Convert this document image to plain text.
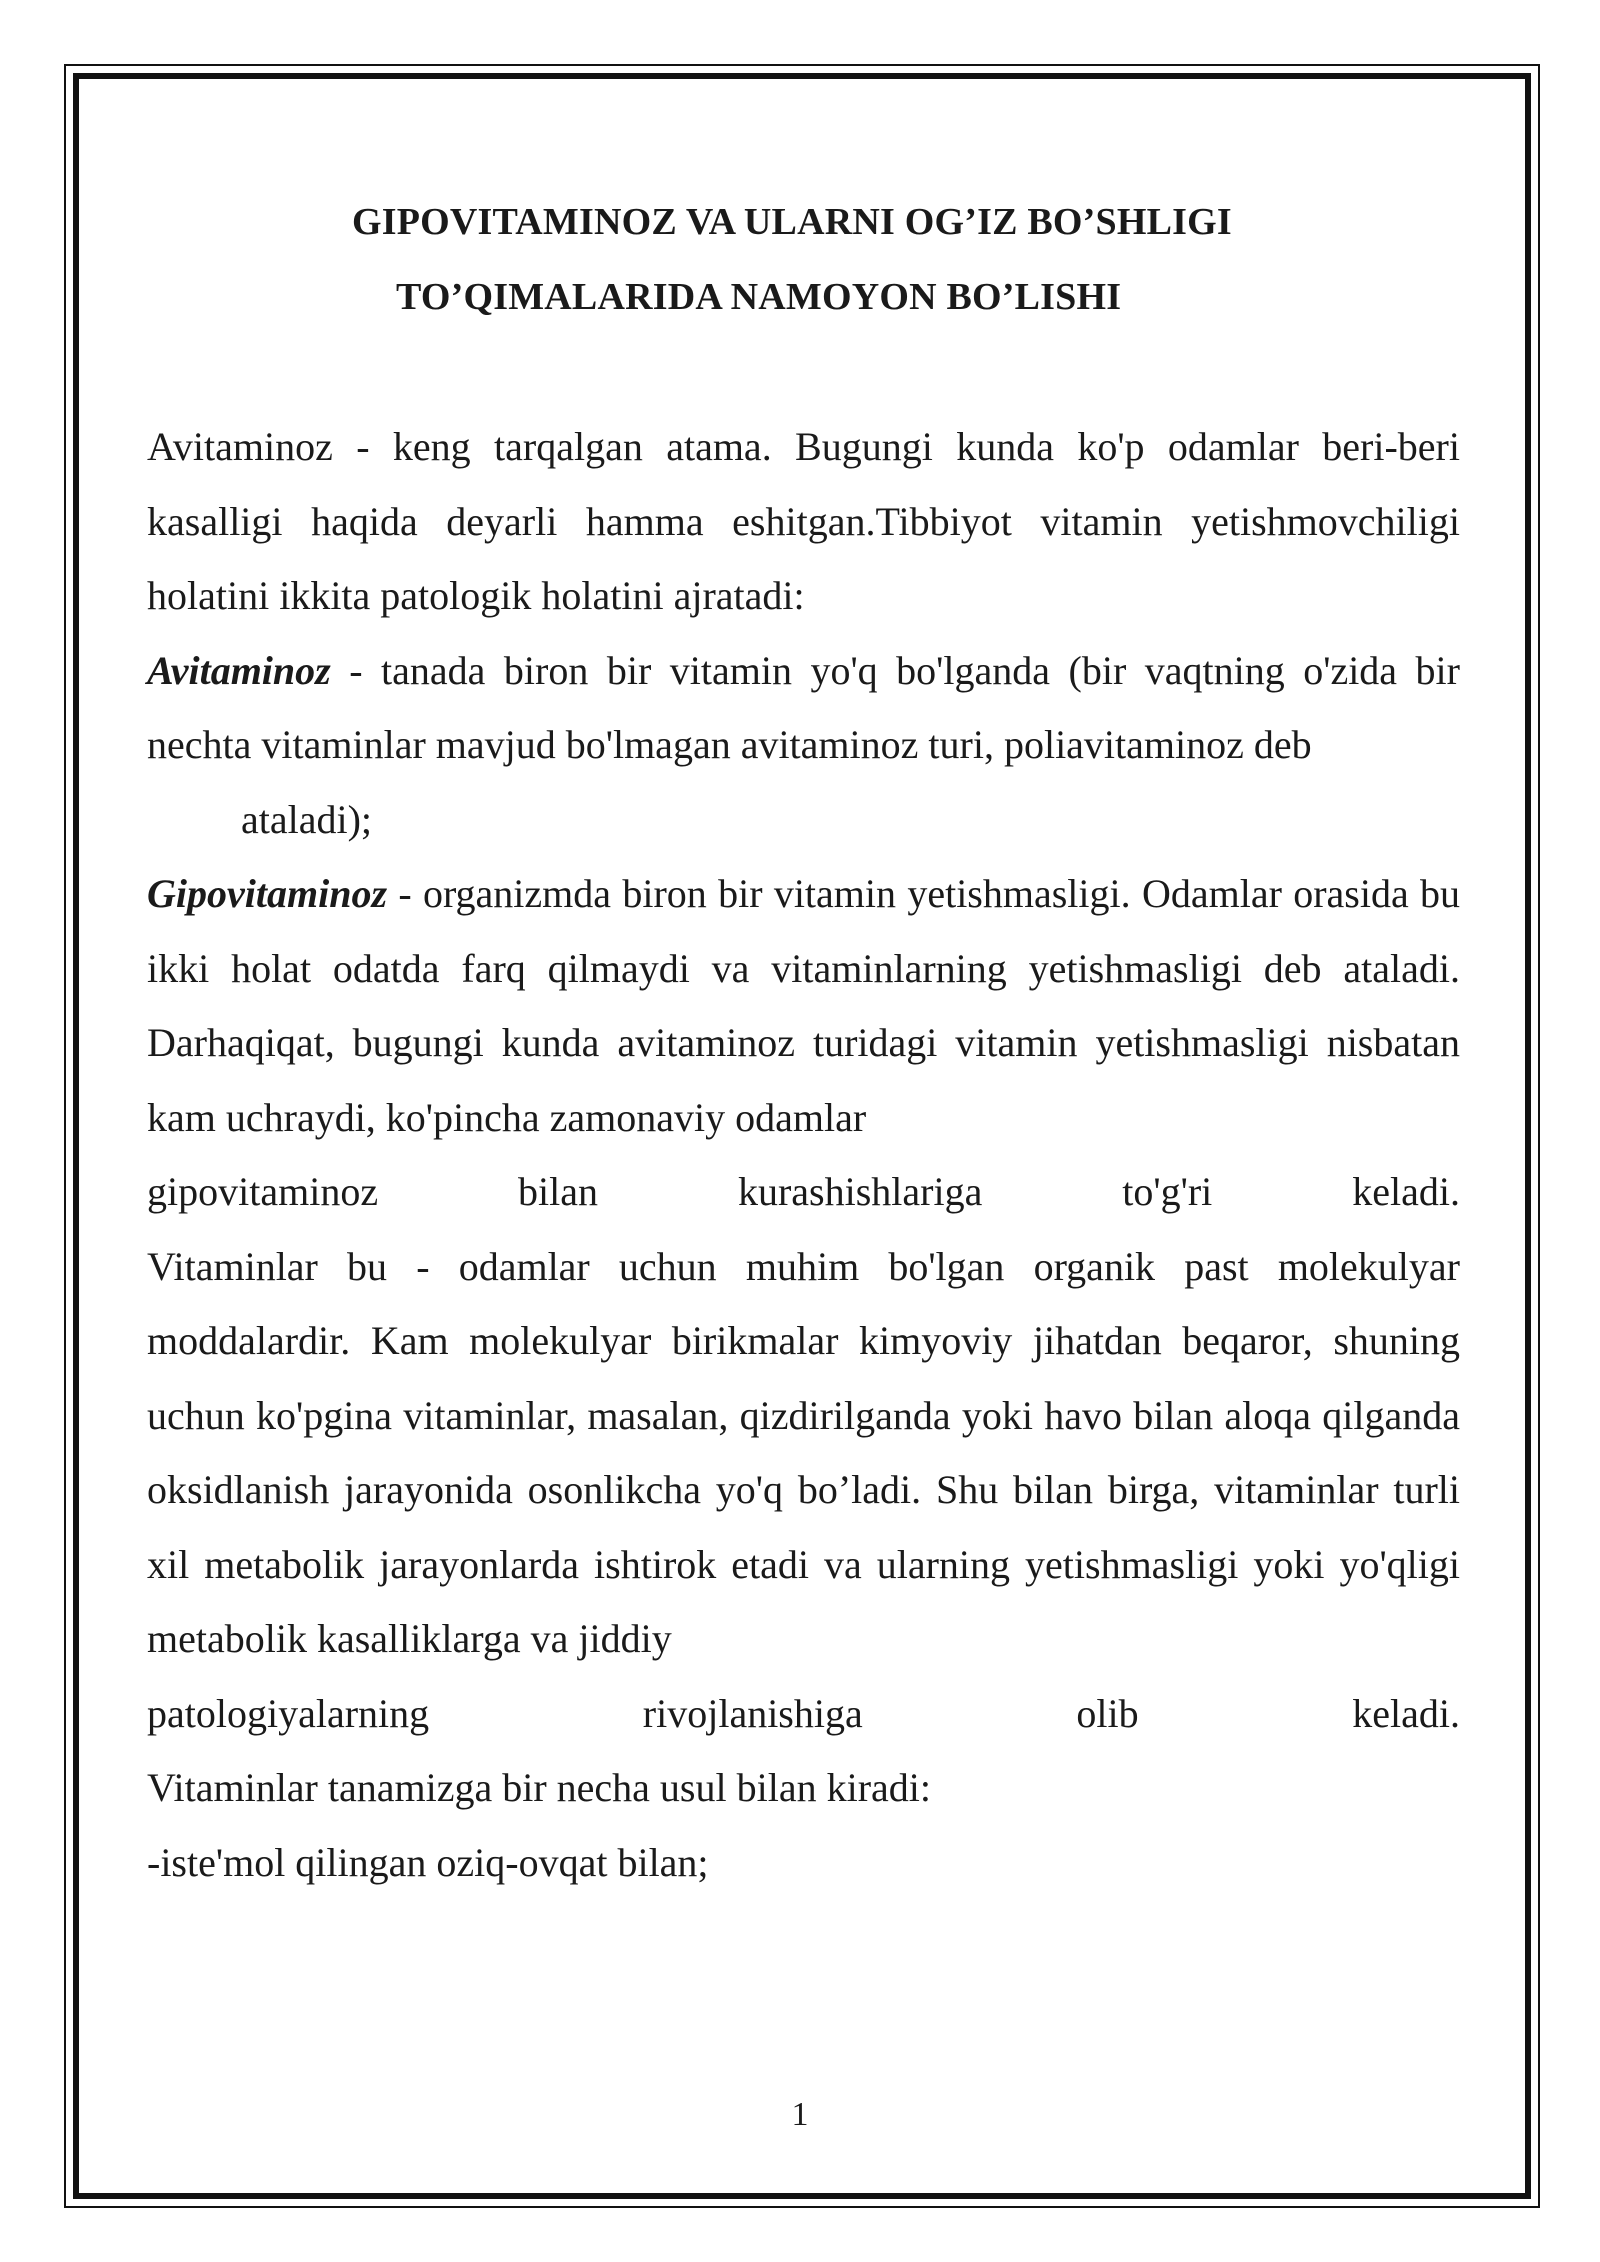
GIPOVITAMINOZ VA ULARNI OG’IZ BO’SHLIGI
TO’QIMALARIDA NAMOYON BO’LISHI

Avitaminoz - keng tarqalgan atama. Bugungi kunda ko'p odamlar beri-beri kasalligi haqida deyarli hamma eshitgan.Tibbiyot vitamin yetishmovchiligi holatini ikkita patologik holatini ajratadi:

Avitaminoz - tanada biron bir vitamin yo'q bo'lganda (bir vaqtning o'zida bir nechta vitaminlar mavjud bo'lmagan avitaminoz turi, poliavitaminoz deb

ataladi);

Gipovitaminoz - organizmda biron bir vitamin yetishmasligi. Odamlar orasida bu ikki holat odatda farq qilmaydi va vitaminlarning yetishmasligi deb ataladi. Darhaqiqat, bugungi kunda avitaminoz turidagi vitamin yetishmasligi nisbatan kam uchraydi, ko'pincha zamonaviy odamlar

gipovitaminoz	bilan	kurashishlariga	to'g'ri	keladi.

Vitaminlar bu - odamlar uchun muhim bo'lgan organik past molekulyar moddalardir. Kam molekulyar birikmalar kimyoviy jihatdan beqaror, shuning uchun ko'pgina vitaminlar, masalan, qizdirilganda yoki havo bilan aloqa qilganda oksidlanish jarayonida osonlikcha yo'q bo’ladi. Shu bilan birga, vitaminlar turli xil metabolik jarayonlarda ishtirok etadi va ularning yetishmasligi yoki yo'qligi metabolik kasalliklarga va jiddiy

patologiyalarning	rivojlanishiga	olib	keladi.

Vitaminlar tanamizga bir necha usul bilan kiradi:

-iste'mol qilingan oziq-ovqat bilan;

1
